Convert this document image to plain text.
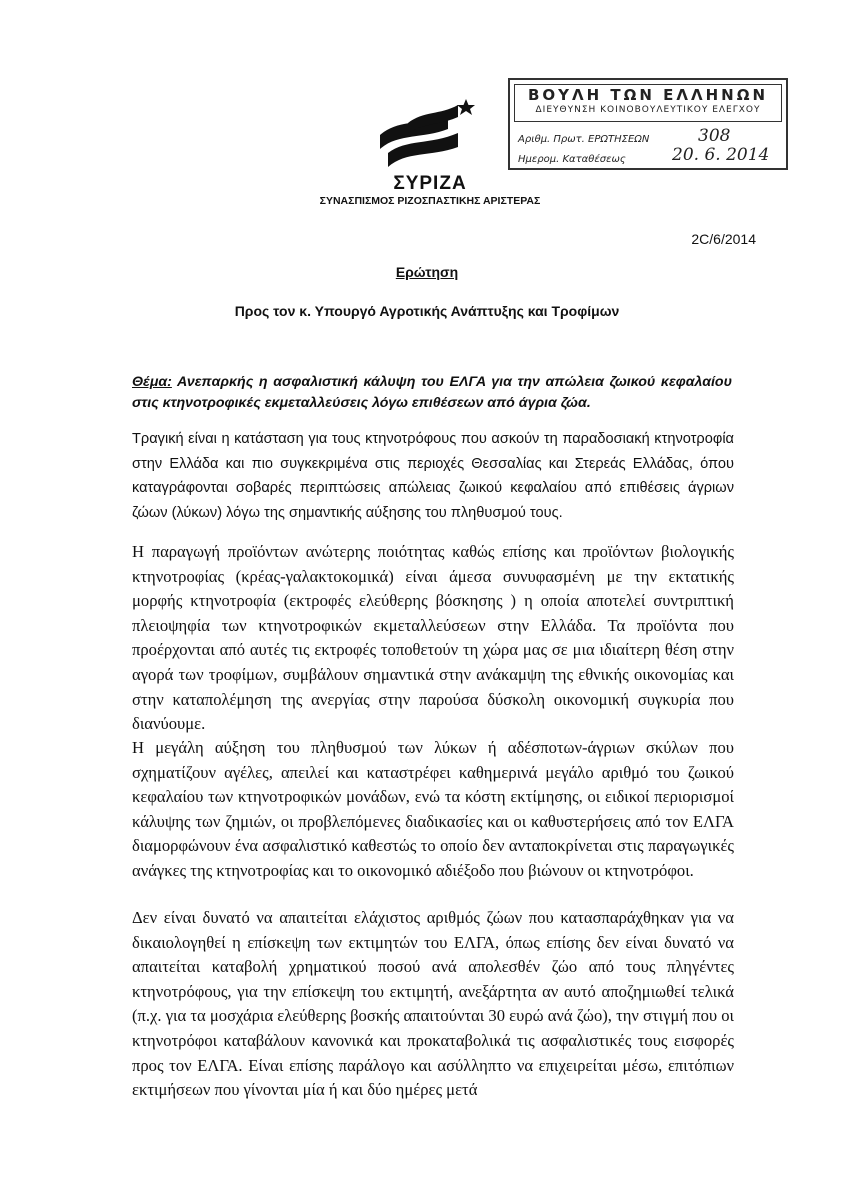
ΣΥΡΙΖΑ
ΣΥΝΑΣΠΙΣΜΟΣ ΡΙΖΟΣΠΑΣΤΙΚΗΣ ΑΡΙΣΤΕΡΑΣ
ΒΟΥΛΗ ΤΩΝ ΕΛΛΗΝΩΝ
ΔΙΕΥΘΥΝΣΗ ΚΟΙΝΟΒΟΥΛΕΥΤΙΚΟΥ ΕΛΕΓΧΟΥ
Αριθμ. Πρωτ. ΕΡΩΤΗΣΕΩΝ
Ημερομ. Καταθέσεως
308
20. 6. 2014
2C/6/2014
Ερώτηση
Προς τον κ. Υπουργό Αγροτικής Ανάπτυξης και Τροφίμων
Θέμα: Ανεπαρκής η ασφαλιστική κάλυψη του ΕΛΓΑ για την απώλεια ζωικού κεφαλαίου στις κτηνοτροφικές εκμεταλλεύσεις λόγω επιθέσεων από άγρια ζώα.

Τραγική είναι η κατάσταση για τους κτηνοτρόφους που ασκούν τη παραδοσιακή κτηνοτροφία στην Ελλάδα και πιο συγκεκριμένα στις περιοχές Θεσσαλίας και Στερεάς Ελλάδας, όπου καταγράφονται σοβαρές περιπτώσεις απώλειας ζωικού κεφαλαίου από επιθέσεις άγριων ζώων (λύκων) λόγω της σημαντικής αύξησης του πληθυσμού τους.

Η παραγωγή προϊόντων ανώτερης ποιότητας καθώς επίσης και προϊόντων βιολογικής κτηνοτροφίας (κρέας-γαλακτοκομικά) είναι άμεσα συνυφασμένη με την εκτατικής μορφής κτηνοτροφία (εκτροφές ελεύθερης βόσκησης ) η οποία αποτελεί συντριπτική πλειοψηφία των κτηνοτροφικών εκμεταλλεύσεων στην Ελλάδα. Τα προϊόντα που προέρχονται από αυτές τις εκτροφές τοποθετούν τη χώρα μας σε μια ιδιαίτερη θέση στην αγορά των τροφίμων, συμβάλουν σημαντικά στην ανάκαμψη της εθνικής οικονομίας και στην καταπολέμηση της ανεργίας στην παρούσα δύσκολη οικονομική συγκυρία που διανύουμε.

Η μεγάλη αύξηση του πληθυσμού των λύκων ή αδέσποτων-άγριων σκύλων που σχηματίζουν αγέλες, απειλεί και καταστρέφει καθημερινά μεγάλο αριθμό του ζωικού κεφαλαίου των κτηνοτροφικών μονάδων, ενώ τα κόστη εκτίμησης, οι ειδικοί περιορισμοί κάλυψης των ζημιών, οι προβλεπόμενες διαδικασίες και οι καθυστερήσεις από τον ΕΛΓΑ διαμορφώνουν ένα ασφαλιστικό καθεστώς το οποίο δεν ανταποκρίνεται στις παραγωγικές ανάγκες της κτηνοτροφίας και το οικονομικό αδιέξοδο που βιώνουν οι κτηνοτρόφοι.

Δεν είναι δυνατό να απαιτείται ελάχιστος αριθμός ζώων που κατασπαράχθηκαν για να δικαιολογηθεί η επίσκεψη των εκτιμητών του ΕΛΓΑ, όπως επίσης δεν είναι δυνατό να απαιτείται καταβολή χρηματικού ποσού ανά απολεσθέν ζώο από τους πληγέντες κτηνοτρόφους, για την επίσκεψη του εκτιμητή, ανεξάρτητα αν αυτό αποζημιωθεί τελικά (π.χ. για τα μοσχάρια ελεύθερης βοσκής απαιτούνται 30 ευρώ ανά ζώο), την στιγμή που οι κτηνοτρόφοι καταβάλουν κανονικά και προκαταβολικά τις ασφαλιστικές τους εισφορές προς τον ΕΛΓΑ. Είναι επίσης παράλογο και ασύλληπτο να επιχειρείται μέσω, επιτόπιων εκτιμήσεων που γίνονται μία ή και δύο ημέρες μετά
